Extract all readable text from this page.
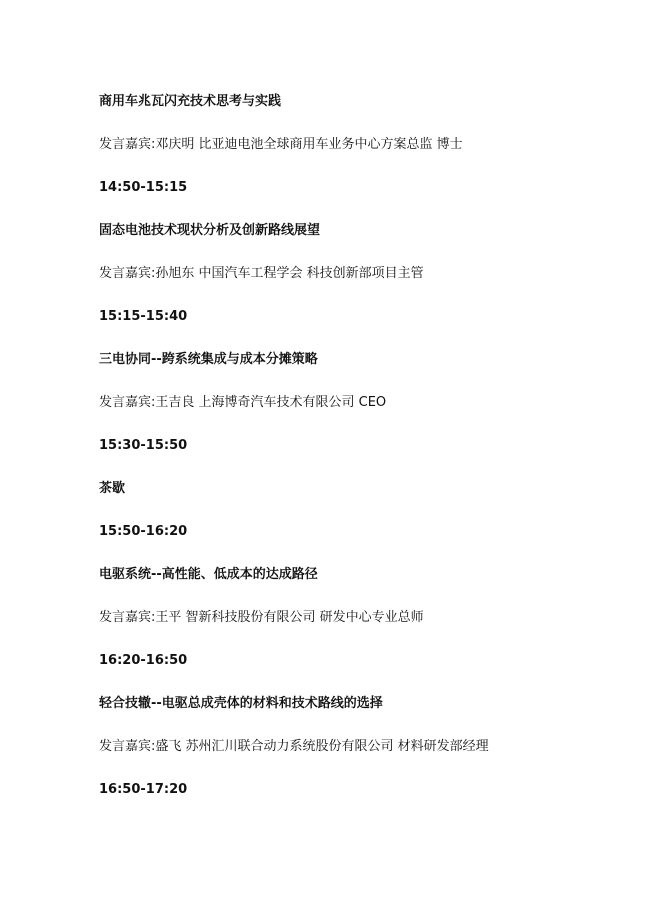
商用车兆瓦闪充技术思考与实践
发言嘉宾:邓庆明 比亚迪电池全球商用车业务中心方案总监 博士
14:50-15:15
固态电池技术现状分析及创新路线展望
发言嘉宾:孙旭东 中国汽车工程学会 科技创新部项目主管
15:15-15:40
三电协同--跨系统集成与成本分摊策略
发言嘉宾:王吉良 上海博奇汽车技术有限公司 CEO
15:30-15:50
茶歇
15:50-16:20
电驱系统--高性能、低成本的达成路径
发言嘉宾:王平 智新科技股份有限公司 研发中心专业总师
16:20-16:50
轻合技辙--电驱总成壳体的材料和技术路线的选择
发言嘉宾:盛飞 苏州汇川联合动力系统股份有限公司 材料研发部经理
16:50-17:20
